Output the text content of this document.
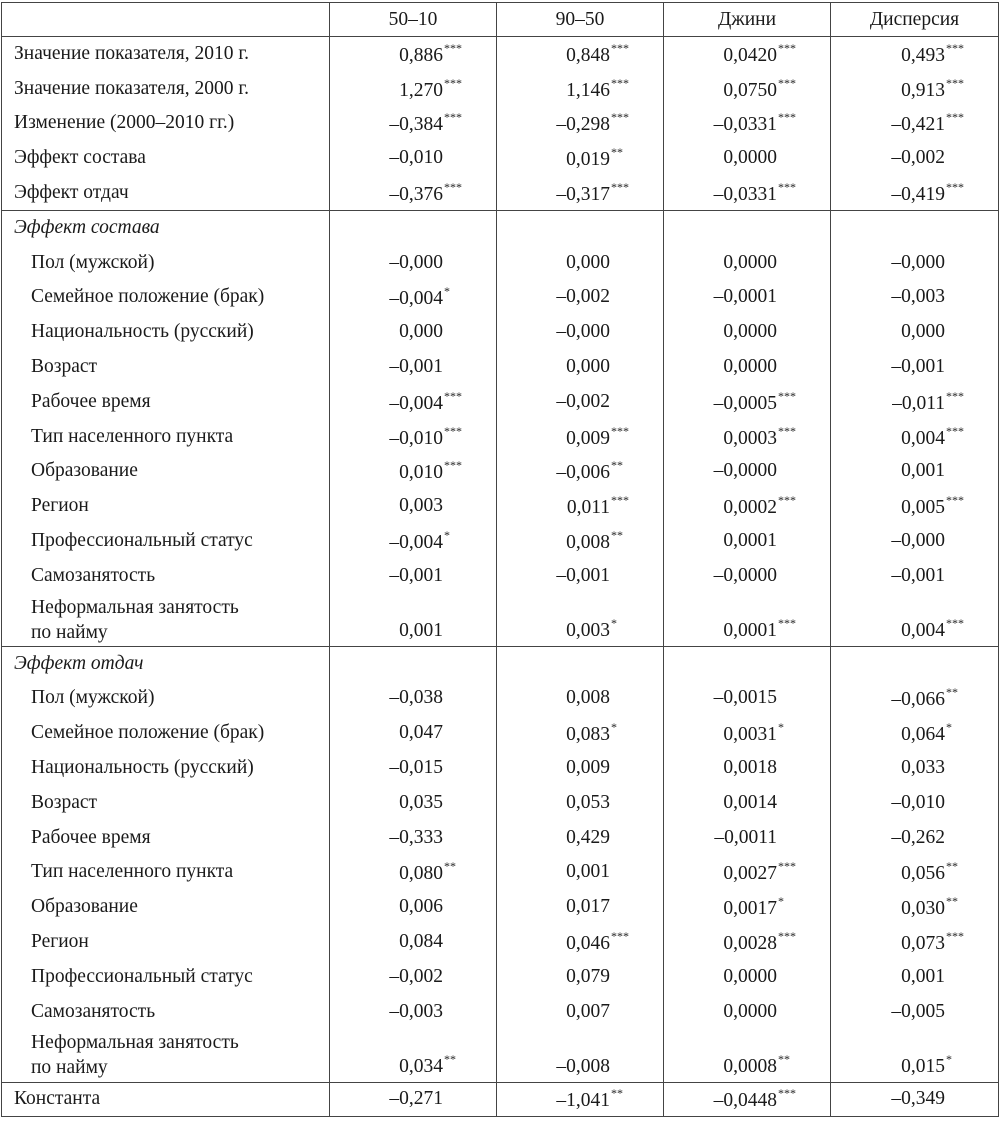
	50–10	90–50	Джини	Дисперсия
Значение показателя, 2010 г.	0,886***	0,848***	0,0420***	0,493***
Значение показателя, 2000 г.	1,270***	1,146***	0,0750***	0,913***
Изменение (2000–2010 гг.)	–0,384***	–0,298***	–0,0331***	–0,421***
Эффект состава	–0,010	0,019**	0,0000	–0,002
Эффект отдач	–0,376***	–0,317***	–0,0331***	–0,419***
Эффект состава				
Пол (мужской)	–0,000	0,000	0,0000	–0,000
Семейное положение (брак)	–0,004*	–0,002	–0,0001	–0,003
Национальность (русский)	0,000	–0,000	0,0000	0,000
Возраст	–0,001	0,000	0,0000	–0,001
Рабочее время	–0,004***	–0,002	–0,0005***	–0,011***
Тип населенного пункта	–0,010***	0,009***	0,0003***	0,004***
Образование	0,010***	–0,006**	–0,0000	0,001
Регион	0,003	0,011***	0,0002***	0,005***
Профессиональный статус	–0,004*	0,008**	0,0001	–0,000
Самозанятость	–0,001	–0,001	–0,0000	–0,001
Неформальная занятость
по найму	0,001	0,003*	0,0001***	0,004***
Эффект отдач				
Пол (мужской)	–0,038	0,008	–0,0015	–0,066**
Семейное положение (брак)	0,047	0,083*	0,0031*	0,064*
Национальность (русский)	–0,015	0,009	0,0018	0,033
Возраст	0,035	0,053	0,0014	–0,010
Рабочее время	–0,333	0,429	–0,0011	–0,262
Тип населенного пункта	0,080**	0,001	0,0027***	0,056**
Образование	0,006	0,017	0,0017*	0,030**
Регион	0,084	0,046***	0,0028***	0,073***
Профессиональный статус	–0,002	0,079	0,0000	0,001
Самозанятость	–0,003	0,007	0,0000	–0,005
Неформальная занятость
по найму	0,034**	–0,008	0,0008**	0,015*
Константа	–0,271	–1,041**	–0,0448***	–0,349
